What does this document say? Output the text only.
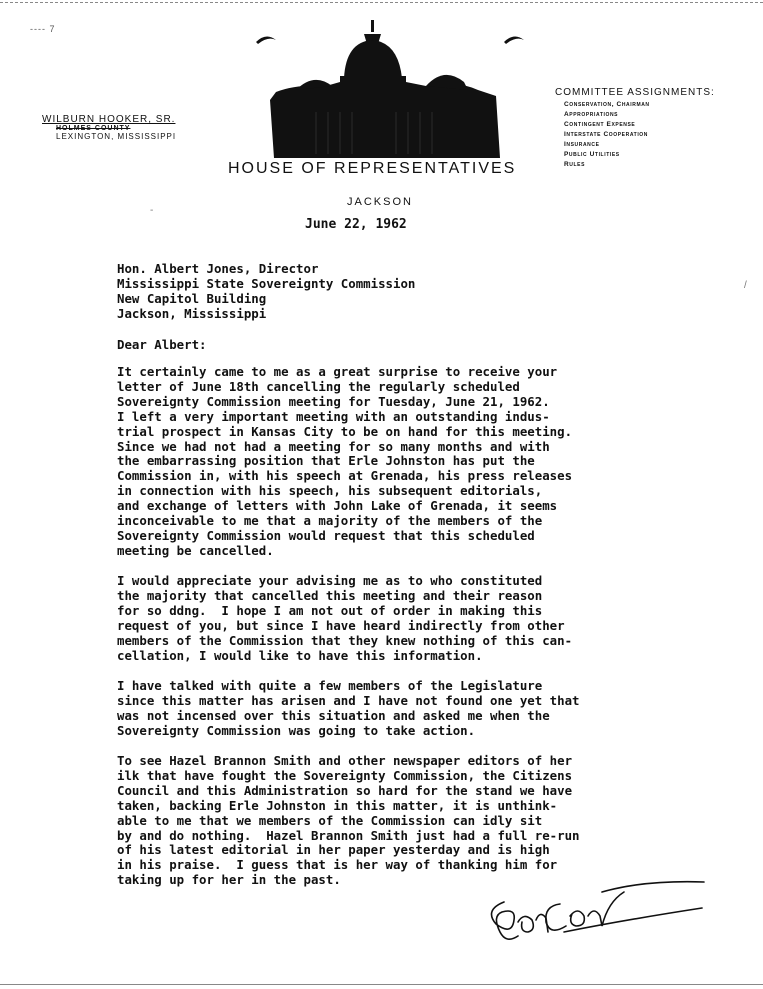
---- 7
WILBURN HOOKER, SR.
HOLMES COUNTY
LEXINGTON, MISSISSIPPI
HOUSE OF REPRESENTATIVES
JACKSON
COMMITTEE ASSIGNMENTS:
Conservation, Chairman
Appropriations
Contingent Expense
Interstate Cooperation
Insurance
Public Utilities
Rules
June 22, 1962
Hon. Albert Jones, Director
Mississippi State Sovereignty Commission
New Capitol Building
Jackson, Mississippi
Dear Albert:
It certainly came to me as a great surprise to receive your
letter of June 18th cancelling the regularly scheduled
Sovereignty Commission meeting for Tuesday, June 21, 1962.
I left a very important meeting with an outstanding indus-
trial prospect in Kansas City to be on hand for this meeting.
Since we had not had a meeting for so many months and with
the embarrassing position that Erle Johnston has put the
Commission in, with his speech at Grenada, his press releases
in connection with his speech, his subsequent editorials,
and exchange of letters with John Lake of Grenada, it seems
inconceivable to me that a majority of the members of the
Sovereignty Commission would request that this scheduled
meeting be cancelled.
I would appreciate your advising me as to who constituted
the majority that cancelled this meeting and their reason
for so ddng.  I hope I am not out of order in making this
request of you, but since I have heard indirectly from other
members of the Commission that they knew nothing of this can-
cellation, I would like to have this information.
I have talked with quite a few members of the Legislature
since this matter has arisen and I have not found one yet that
was not incensed over this situation and asked me when the
Sovereignty Commission was going to take action.
To see Hazel Brannon Smith and other newspaper editors of her
ilk that have fought the Sovereignty Commission, the Citizens
Council and this Administration so hard for the stand we have
taken, backing Erle Johnston in this matter, it is unthink-
able to me that we members of the Commission can idly sit
by and do nothing.  Hazel Brannon Smith just had a full re-run
of his latest editorial in her paper yesterday and is high
in his praise.  I guess that is her way of thanking him for
taking up for her in the past.
-
/
